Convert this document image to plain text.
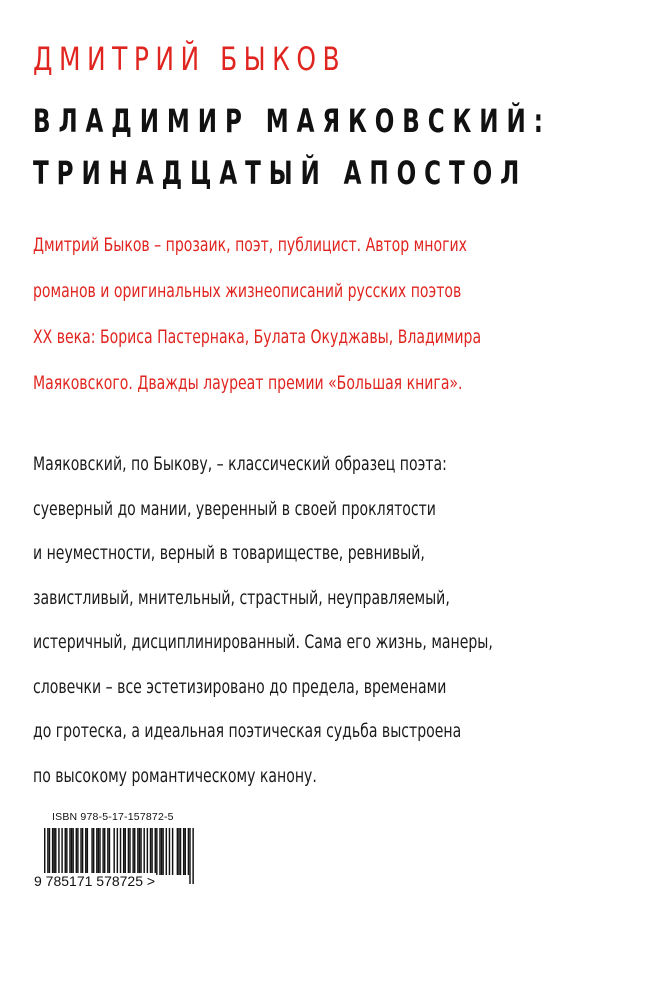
ДМИТРИЙ БЫКОВ
ВЛАДИМИР МАЯКОВСКИЙ:
ТРИНАДЦАТЫЙ АПОСТОЛ
Дмитрий Быков – прозаик, поэт, публицист. Автор многих
романов и оригинальных жизнеописаний русских поэтов
XX века: Бориса Пастернака, Булата Окуджавы, Владимира
Маяковского. Дважды лауреат премии «Большая книга».
Маяковский, по Быкову, – классический образец поэта:
суеверный до мании, уверенный в своей проклятости
и неуместности, верный в товариществе, ревнивый,
завистливый, мнительный, страстный, неуправляемый,
истеричный, дисциплинированный. Сама его жизнь, манеры,
словечки – все эстетизировано до предела, временами
до гротеска, а идеальная поэтическая судьба выстроена
по высокому романтическому канону.
ISBN 978-5-17-157872-5
9 785171 578725 >
